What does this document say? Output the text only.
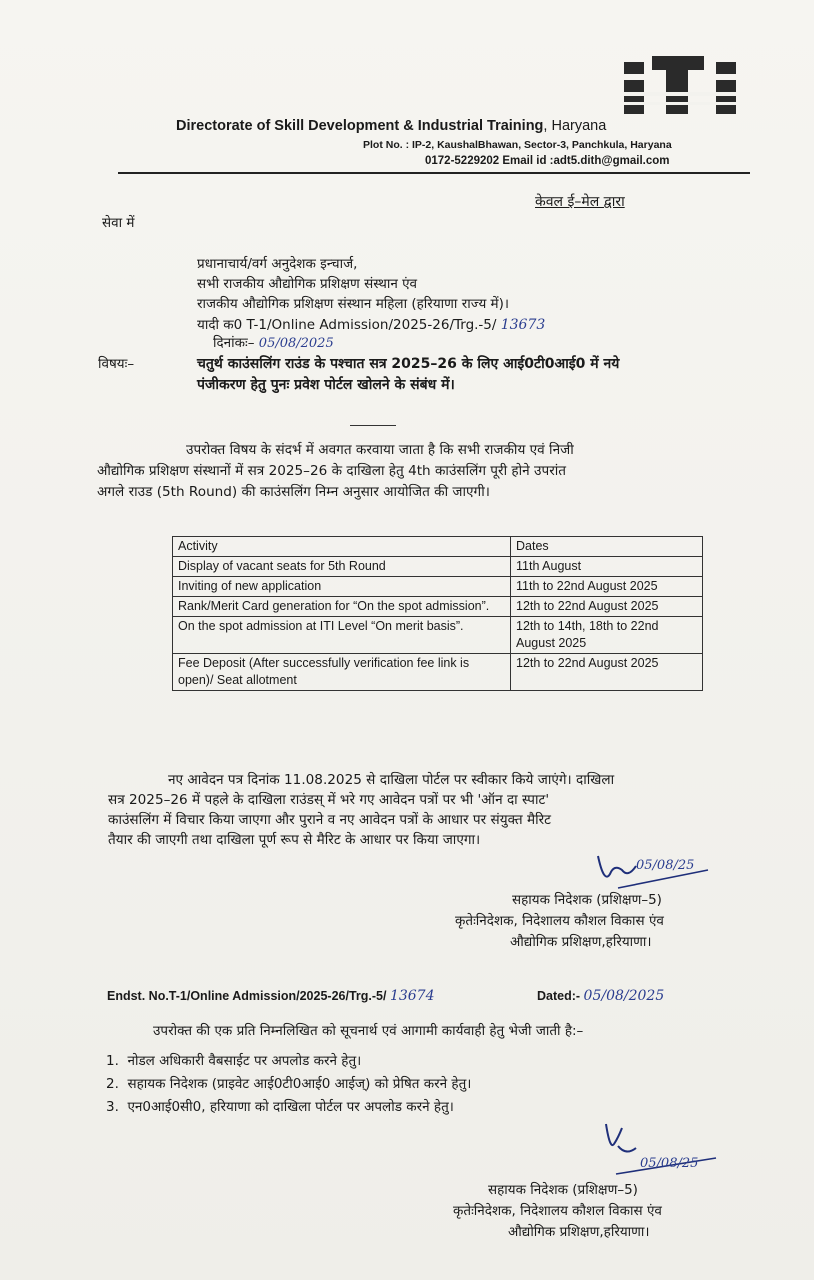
Directorate of Skill Development & Industrial Training, Haryana
Plot No. : IP-2, KaushalBhawan, Sector-3, Panchkula, Haryana
0172-5229202 Email id :adt5.dith@gmail.com
केवल ई–मेल द्वारा
सेवा में
प्रधानाचार्य/वर्ग अनुदेशक इन्चार्ज,
सभी राजकीय औद्योगिक प्रशिक्षण संस्थान एंव
राजकीय औद्योगिक प्रशिक्षण संस्थान महिला (हरियाणा राज्य में)।
यादी क0 T-1/Online Admission/2025-26/Trg.-5/ 13673
दिनांकः– 05/08/2025
विषयः–	चतुर्थ काउंसलिंग राउंड के पश्चात सत्र 2025–26 के लिए आई0टी0आई0 में नये
पंजीकरण हेतु पुनः प्रवेश पोर्टल खोलने के संबंध में।
उपरोक्त विषय के संदर्भ में अवगत करवाया जाता है कि सभी राजकीय एवं निजी
औद्योगिक प्रशिक्षण संस्थानों में सत्र 2025–26 के दाखिला हेतु 4th काउंसलिंग पूरी होने उपरांत
अगले राउड (5th Round) की काउंसलिंग निम्न अनुसार आयोजित की जाएगी।
Activity	Dates
Display of vacant seats for 5th Round	11th August
Inviting of new application	11th to 22nd August 2025
Rank/Merit Card generation for “On the spot admission”.	12th to 22nd August 2025
On the spot admission at ITI Level “On merit basis”.	12th to 14th, 18th to 22nd August 2025
Fee Deposit (After successfully verification fee link is open)/ Seat allotment	12th to 22nd August 2025
नए आवेदन पत्र दिनांक 11.08.2025 से दाखिला पोर्टल पर स्वीकार किये जाएंगे। दाखिला
सत्र 2025–26 में पहले के दाखिला राउंडस् में भरे गए आवेदन पत्रों पर भी 'ऑन दा स्पाट'
काउंसलिंग में विचार किया जाएगा और पुराने व नए आवेदन पत्रों के आधार पर संयुक्त मैरिट
तैयार की जाएगी तथा दाखिला पूर्ण रूप से मैरिट के आधार पर किया जाएगा।
05/08/25
सहायक निदेशक (प्रशिक्षण–5)
कृतेःनिदेशक, निदेशालय कौशल विकास एंव
औद्योगिक प्रशिक्षण,हरियाणा।
Endst. No.T-1/Online Admission/2025-26/Trg.-5/ 13674	Dated:- 05/08/2025
उपरोक्त की एक प्रति निम्नलिखित को सूचनार्थ एवं आगामी कार्यवाही हेतु भेजी जाती है:–
1.  नोडल अधिकारी वैबसाईट पर अपलोड करने हेतु।
2.  सहायक निदेशक (प्राइवेट आई0टी0आई0 आईज्) को प्रेषित करने हेतु।
3.  एन0आई0सी0, हरियाणा को दाखिला पोर्टल पर अपलोड करने हेतु।
05/08/25
सहायक निदेशक (प्रशिक्षण–5)
कृतेःनिदेशक, निदेशालय कौशल विकास एंव
औद्योगिक प्रशिक्षण,हरियाणा।
